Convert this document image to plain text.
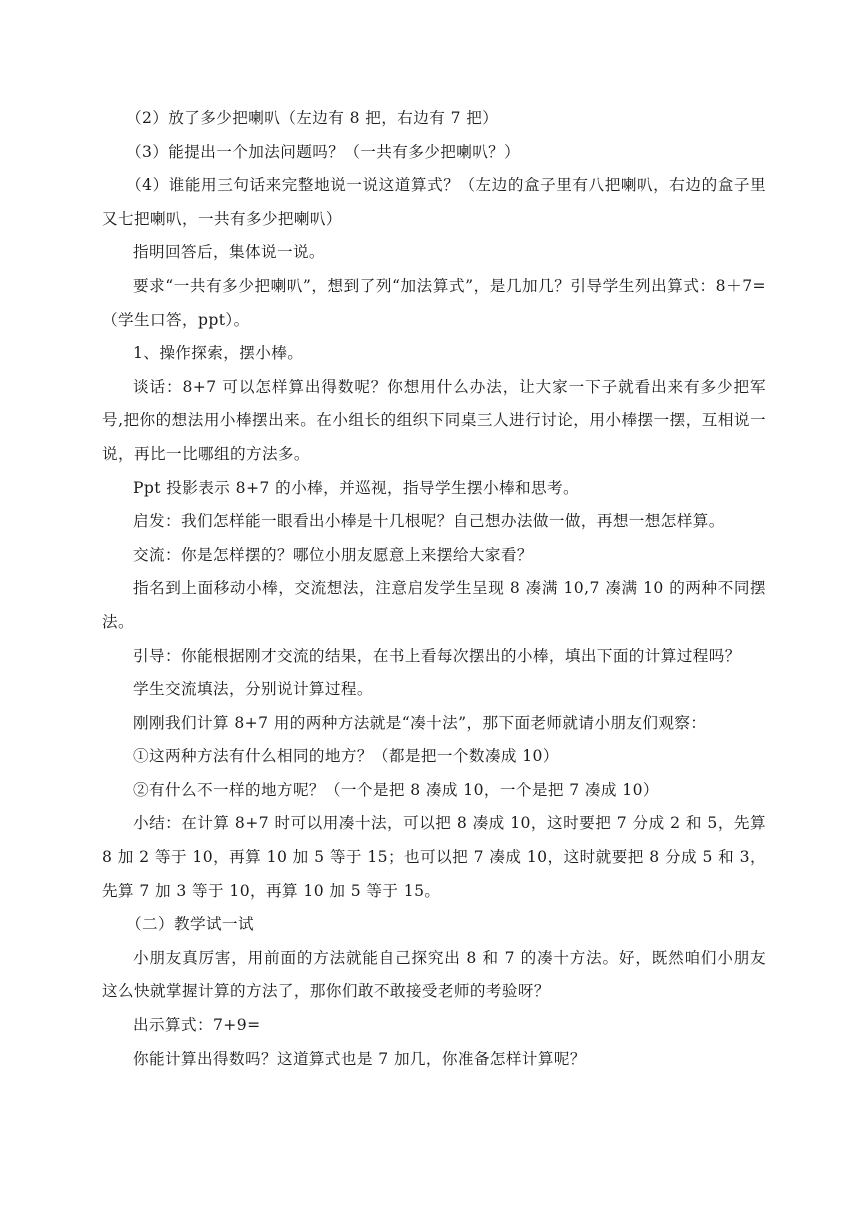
（2）放了多少把喇叭（左边有 8 把，右边有 7 把）

（3）能提出一个加法问题吗？（一共有多少把喇叭？）

（4）谁能用三句话来完整地说一说这道算式？（左边的盒子里有八把喇叭，右边的盒子里又七把喇叭，一共有多少把喇叭）

指明回答后，集体说一说。

要求“一共有多少把喇叭”，想到了列“加法算式”，是几加几？引导学生列出算式：8＋7=（学生口答，ppt）。

1、操作探索，摆小棒。

谈话：8+7 可以怎样算出得数呢？你想用什么办法，让大家一下子就看出来有多少把军号,把你的想法用小棒摆出来。在小组长的组织下同桌三人进行讨论，用小棒摆一摆，互相说一说，再比一比哪组的方法多。

Ppt 投影表示 8+7 的小棒，并巡视，指导学生摆小棒和思考。

启发：我们怎样能一眼看出小棒是十几根呢？自己想办法做一做，再想一想怎样算。

交流：你是怎样摆的？哪位小朋友愿意上来摆给大家看？

指名到上面移动小棒，交流想法，注意启发学生呈现 8 凑满 10,7 凑满 10 的两种不同摆法。

引导：你能根据刚才交流的结果，在书上看每次摆出的小棒，填出下面的计算过程吗？

学生交流填法，分别说计算过程。

刚刚我们计算 8+7 用的两种方法就是“凑十法”，那下面老师就请小朋友们观察：

①这两种方法有什么相同的地方？（都是把一个数凑成 10）

②有什么不一样的地方呢？（一个是把 8 凑成 10，一个是把 7 凑成 10）

小结：在计算 8+7 时可以用凑十法，可以把 8 凑成 10，这时要把 7 分成 2 和 5，先算 8 加 2 等于 10，再算 10 加 5 等于 15；也可以把 7 凑成 10，这时就要把 8 分成 5 和 3，先算 7 加 3 等于 10，再算 10 加 5 等于 15。

（二）教学试一试

小朋友真厉害，用前面的方法就能自己探究出 8 和 7 的凑十方法。好，既然咱们小朋友这么快就掌握计算的方法了，那你们敢不敢接受老师的考验呀？

出示算式：7+9=

你能计算出得数吗？这道算式也是 7 加几，你准备怎样计算呢？
